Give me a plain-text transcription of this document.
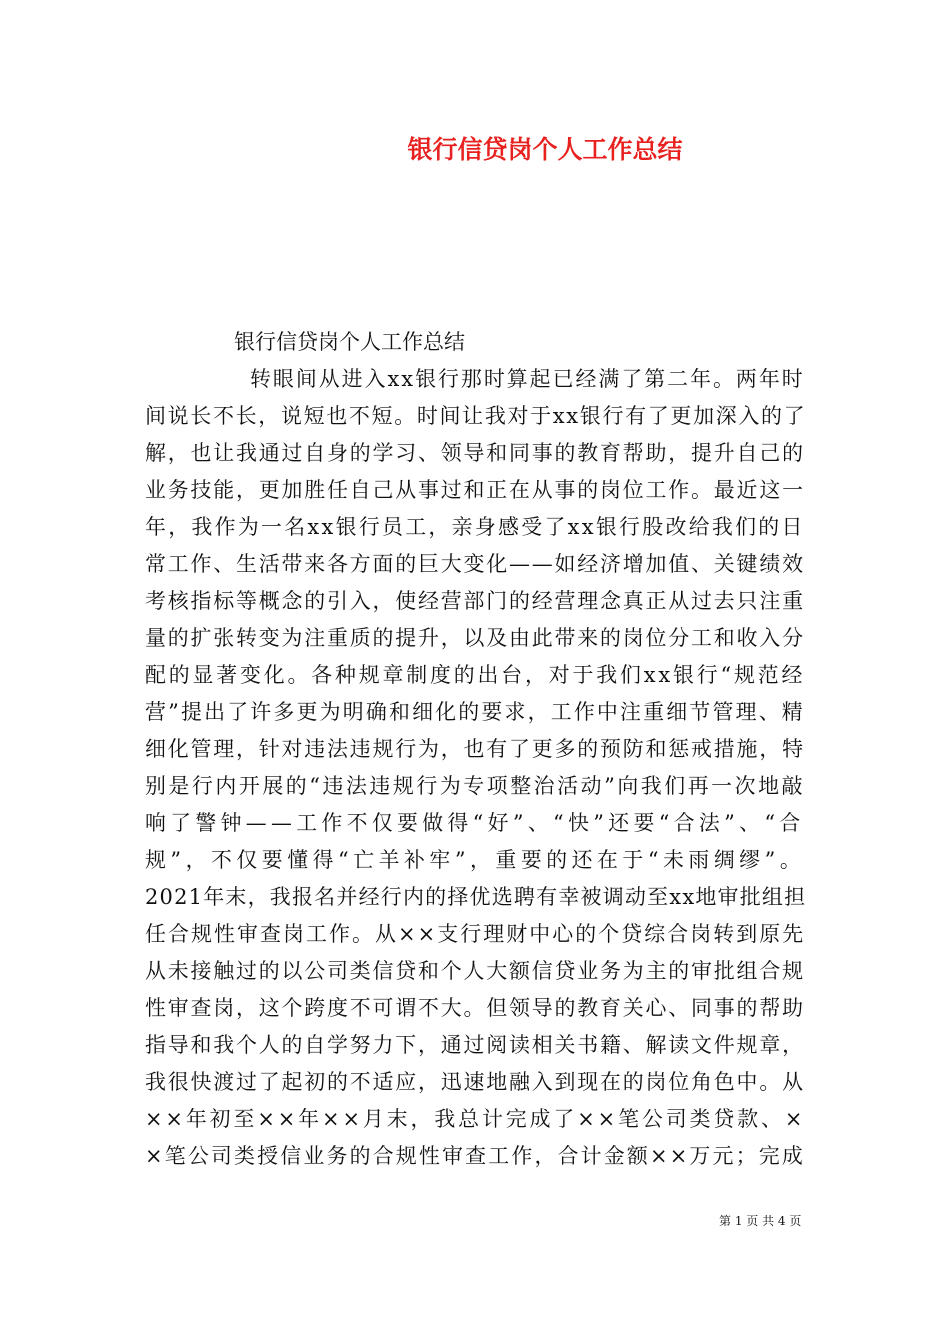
银行信贷岗个人工作总结
银行信贷岗个人工作总结
转眼间从进入xx银行那时算起已经满了第二年。两年时
间说长不长，说短也不短。时间让我对于xx银行有了更加深入的了
解，也让我通过自身的学习、领导和同事的教育帮助，提升自己的
业务技能，更加胜任自己从事过和正在从事的岗位工作。最近这一
年，我作为一名xx银行员工，亲身感受了xx银行股改给我们的日
常工作、生活带来各方面的巨大变化——如经济增加值、关键绩效
考核指标等概念的引入，使经营部门的经营理念真正从过去只注重
量的扩张转变为注重质的提升，以及由此带来的岗位分工和收入分
配的显著变化。各种规章制度的出台，对于我们xx银行“规范经
营”提出了许多更为明确和细化的要求，工作中注重细节管理、精
细化管理，针对违法违规行为，也有了更多的预防和惩戒措施，特
别是行内开展的“违法违规行为专项整治活动”向我们再一次地敲
响了警钟——工作不仅要做得“好”、“快”还要“合法”、“合
规”，不仅要懂得“亡羊补牢”，重要的还在于“未雨绸缪”。
2021年末，我报名并经行内的择优选聘有幸被调动至xx地审批组担
任合规性审查岗工作。从××支行理财中心的个贷综合岗转到原先
从未接触过的以公司类信贷和个人大额信贷业务为主的审批组合规
性审查岗，这个跨度不可谓不大。但领导的教育关心、同事的帮助
指导和我个人的自学努力下，通过阅读相关书籍、解读文件规章，
我很快渡过了起初的不适应，迅速地融入到现在的岗位角色中。从
××年初至××年××月末，我总计完成了××笔公司类贷款、×
×笔公司类授信业务的合规性审查工作，合计金额××万元；完成
第 1 页 共 4 页
